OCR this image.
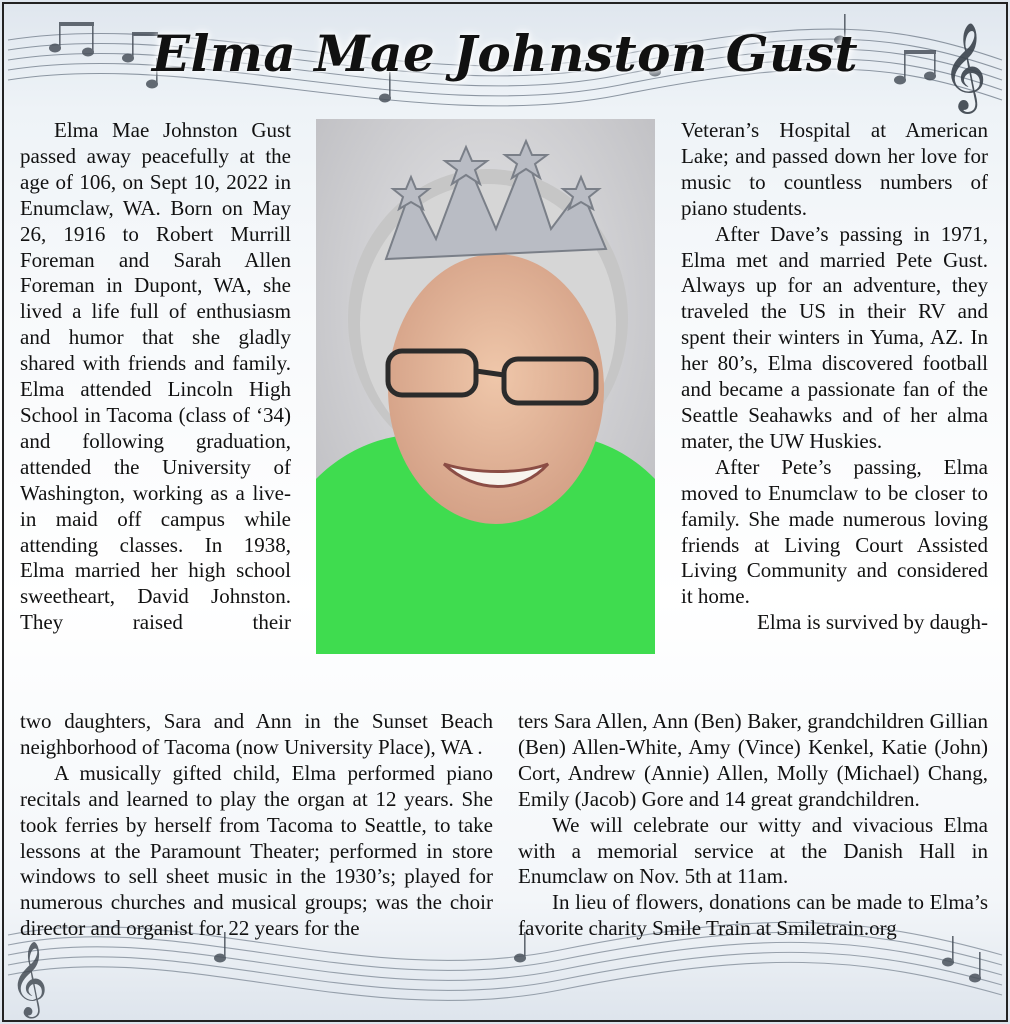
𝄞
𝄞
Elma Mae Johnston Gust

Elma Mae Johnston Gust passed away peacefully at the age of 106, on Sept 10, 2022 in Enumclaw, WA. Born on May 26, 1916 to Robert Murrill Foreman and Sarah Allen Foreman in Dupont, WA, she lived a life full of enthusiasm and humor that she gladly shared with friends and family. Elma attended Lincoln High School in Tacoma (class of ‘34) and following graduation, attended the University of Washington, working as a live-in maid off campus while attending classes. In 1938, Elma married her high school sweetheart, David Johnston. They raised their

two daughters, Sara and Ann in the Sunset Beach neighborhood of Tacoma (now University Place), WA .

A musically gifted child, Elma performed piano recitals and learned to play the organ at 12 years. She took ferries by herself from Tacoma to Seattle, to take lessons at the Paramount Theater; performed in store windows to sell sheet music in the 1930’s; played for numerous churches and musical groups; was the choir director and organist for 22 years for the

Veteran’s Hospital at American Lake; and passed down her love for music to countless numbers of piano students.

After Dave’s passing in 1971, Elma met and married Pete Gust. Always up for an adventure, they traveled the US in their RV and spent their winters in Yuma, AZ. In her 80’s, Elma discovered football and became a passionate fan of the Seattle Seahawks and of her alma mater, the UW Huskies.

After Pete’s passing, Elma moved to Enumclaw to be closer to family. She made numerous loving friends at Living Court Assisted Living Community and considered it home.

Elma is survived by daugh-

ters Sara Allen, Ann (Ben) Baker, grandchildren Gillian (Ben) Allen-White, Amy (Vince) Kenkel, Katie (John) Cort, Andrew (Annie) Allen, Molly (Michael) Chang, Emily (Jacob) Gore and 14 great grandchildren.

We will celebrate our witty and vivacious Elma with a memorial service at the Danish Hall in Enumclaw on Nov. 5th at 11am.

In lieu of flowers, donations can be made to Elma’s favorite charity Smile Train at Smiletrain.org
